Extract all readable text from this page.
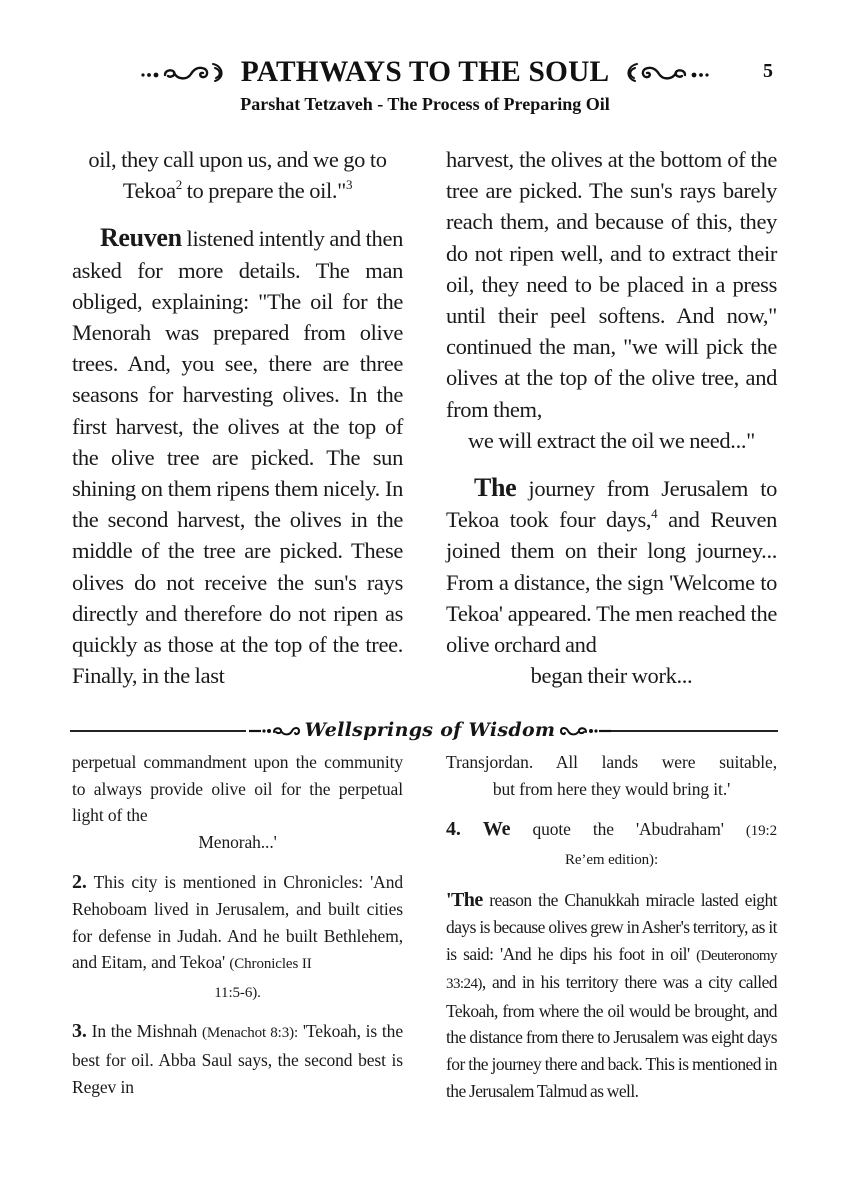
PATHWAYS TO THE SOUL	5
Parshat Tetzaveh - The Process of Preparing Oil

oil, they call upon us, and we go to Tekoa$^2$ to prepare the oil."$^3$

Reuven listened intently and then asked for more details. The man obliged, explaining: "The oil for the Menorah was prepared from olive trees. And, you see, there are three seasons for harvesting olives. In the first harvest, the olives at the top of the olive tree are picked. The sun shining on them ripens them nicely. In the second harvest, the olives in the middle of the tree are picked. These olives do not receive the sun's rays directly and therefore do not ripen as quickly as those at the top of the tree. Finally, in the last

harvest, the olives at the bottom of the tree are picked. The sun's rays barely reach them, and because of this, they do not ripen well, and to extract their oil, they need to be placed in a press until their peel softens. And now," continued the man, "we will pick the olives at the top of the olive tree, and from them,

we will extract the oil we need..."

The journey from Jerusalem to Tekoa took four days,$^4$ and Reuven joined them on their long journey... From a distance, the sign 'Welcome to Tekoa' appeared. The men reached the olive orchard and

began their work...

Wellsprings of Wisdom

perpetual commandment upon the community to always provide olive oil for the perpetual light of the

Menorah...'

2. This city is mentioned in Chronicles: 'And Rehoboam lived in Jerusalem, and built cities for defense in Judah. And he built Bethlehem, and Eitam, and Tekoa' (Chronicles II

11:5-6).

3. In the Mishnah (Menachot 8:3): 'Tekoah, is the best for oil. Abba Saul says, the second best is Regev in

Transjordan. All lands were suitable,

but from here they would bring it.'

4. We quote the 'Abudraham' (19:2

Re’em edition):

'The reason the Chanukkah miracle lasted eight days is because olives grew in Asher's territory, as it is said: 'And he dips his foot in oil' (Deuteronomy 33:24), and in his territory there was a city called Tekoah, from where the oil would be brought, and the distance from there to Jerusalem was eight days for the journey there and back. This is mentioned in the Jerusalem Talmud as well.
